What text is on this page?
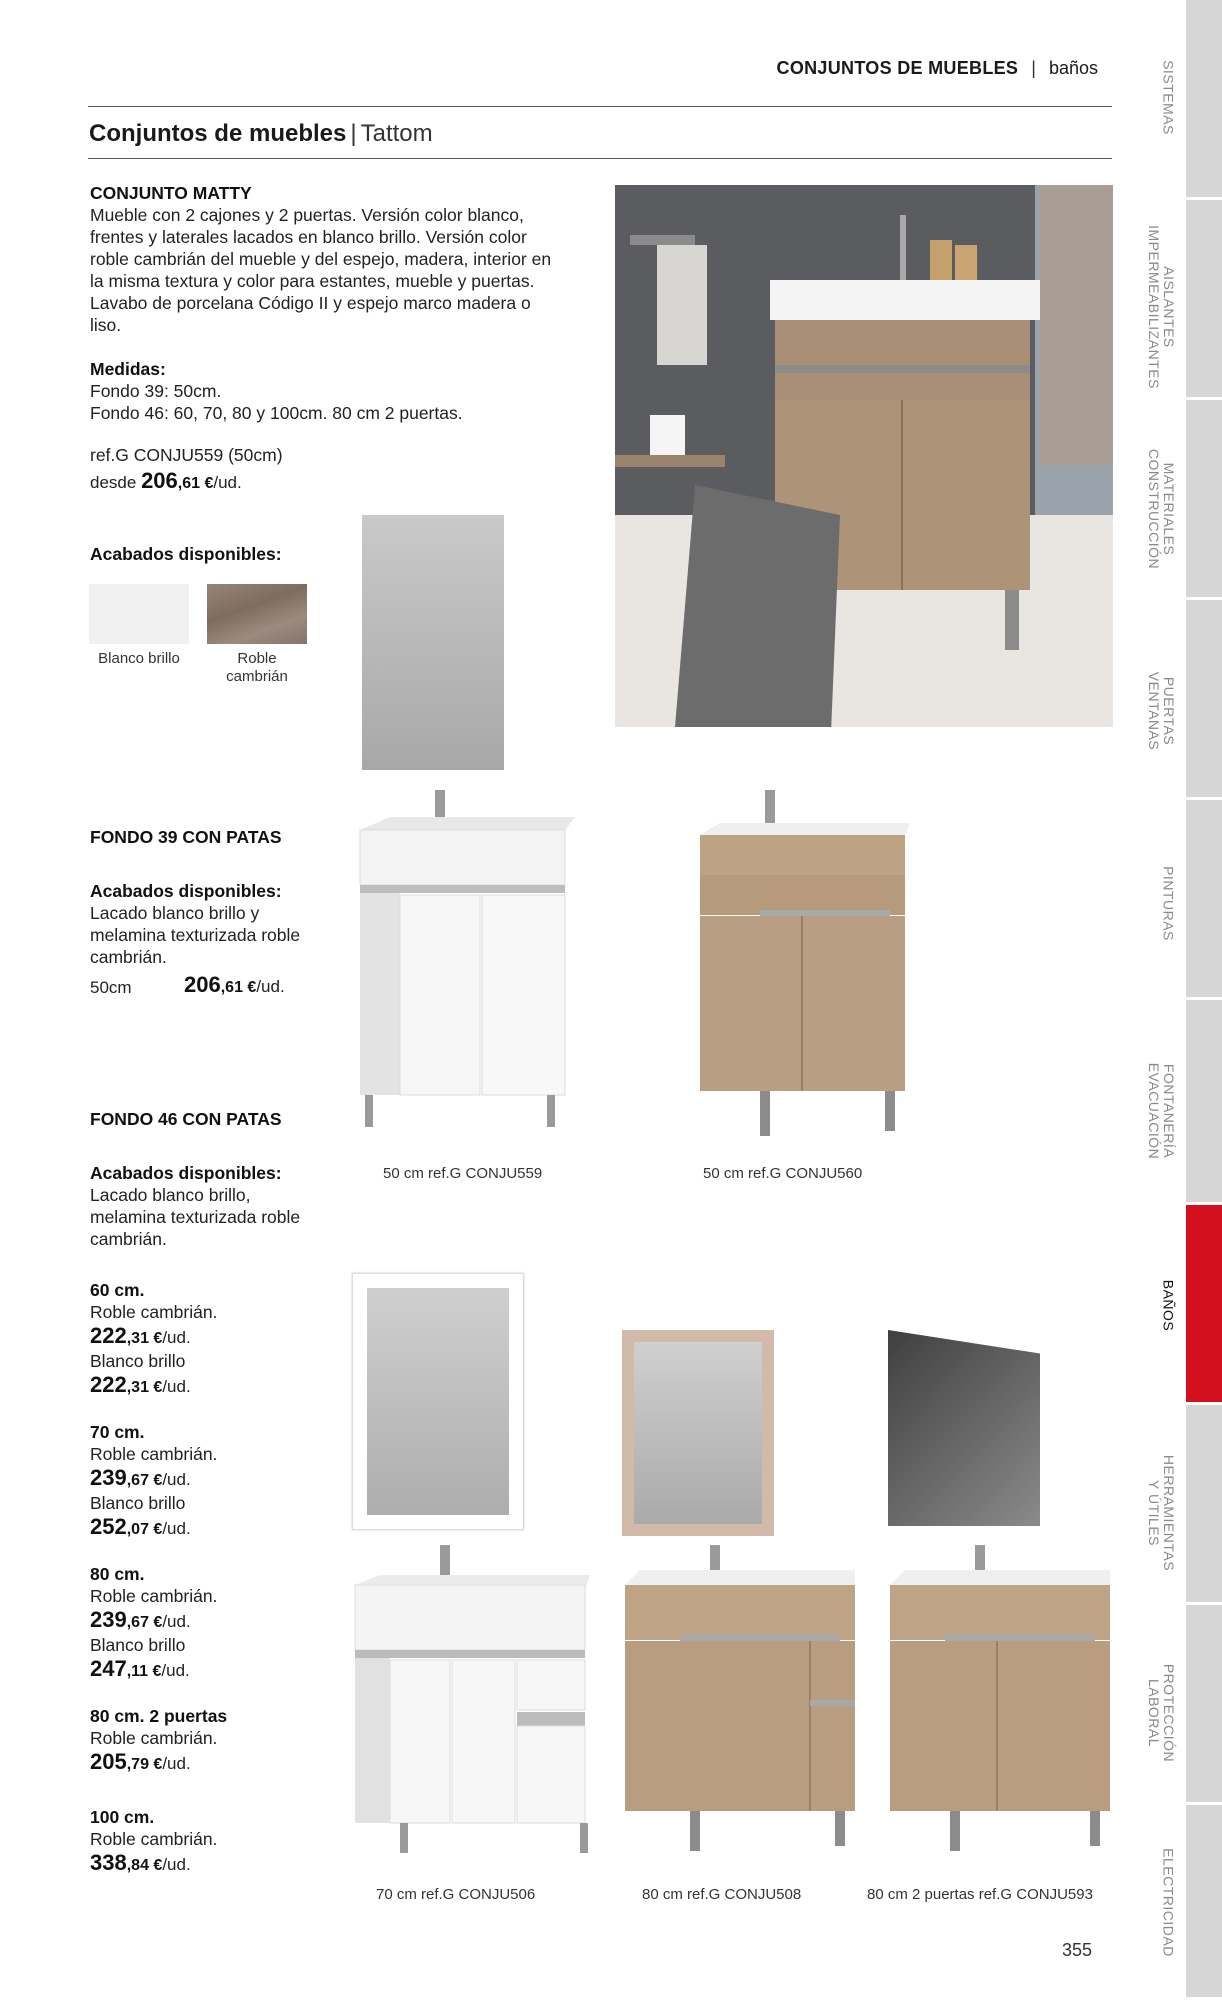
CONJUNTOS DE MUEBLES | baños
Conjuntos de muebles | Tattom
CONJUNTO MATTY
Mueble con 2 cajones y 2 puertas. Versión color blanco,
frentes y laterales lacados en blanco brillo. Versión color
roble cambrián del mueble y del espejo, madera, interior en
la misma textura y color para estantes, mueble y puertas.
Lavabo de porcelana Código II y espejo marco madera o
liso.
Medidas:
Fondo 39: 50cm.
Fondo 46: 60, 70, 80 y 100cm. 80 cm 2 puertas.
ref.G CONJU559 (50cm)
desde 206,61 €/ud.
Acabados disponibles:
Blanco brillo	Roble
cambrián
FONDO 39 CON PATAS
Acabados disponibles:
Lacado blanco brillo y
melamina texturizada roble
cambrián.
50cm 206,61 €/ud.
50 cm ref.G CONJU559	50 cm ref.G CONJU560
FONDO 46 CON PATAS
Acabados disponibles:
Lacado blanco brillo,
melamina texturizada roble
cambrián.
60 cm.
Roble cambrián.
222,31 €/ud.
Blanco brillo
222,31 €/ud.
70 cm.
Roble cambrián.
239,67 €/ud.
Blanco brillo
252,07 €/ud.
80 cm.
Roble cambrián.
239,67 €/ud.
Blanco brillo
247,11 €/ud.
80 cm. 2 puertas
Roble cambrián.
205,79 €/ud.
100 cm.
Roble cambrián.
338,84 €/ud.
70 cm ref.G CONJU506	80 cm ref.G CONJU508	80 cm 2 puertas ref.G CONJU593
355
SISTEMAS
AISLANTES
IMPERMEABILIZANTES
MATERIALES
CONSTRUCCIÓN
PUERTAS
VENTANAS
PINTURAS
FONTANERÍA
EVACUACIÓN
BAÑOS
HERRAMIENTAS
Y ÚTILES
PROTECCIÓN
LABORAL
ELECTRICIDAD
